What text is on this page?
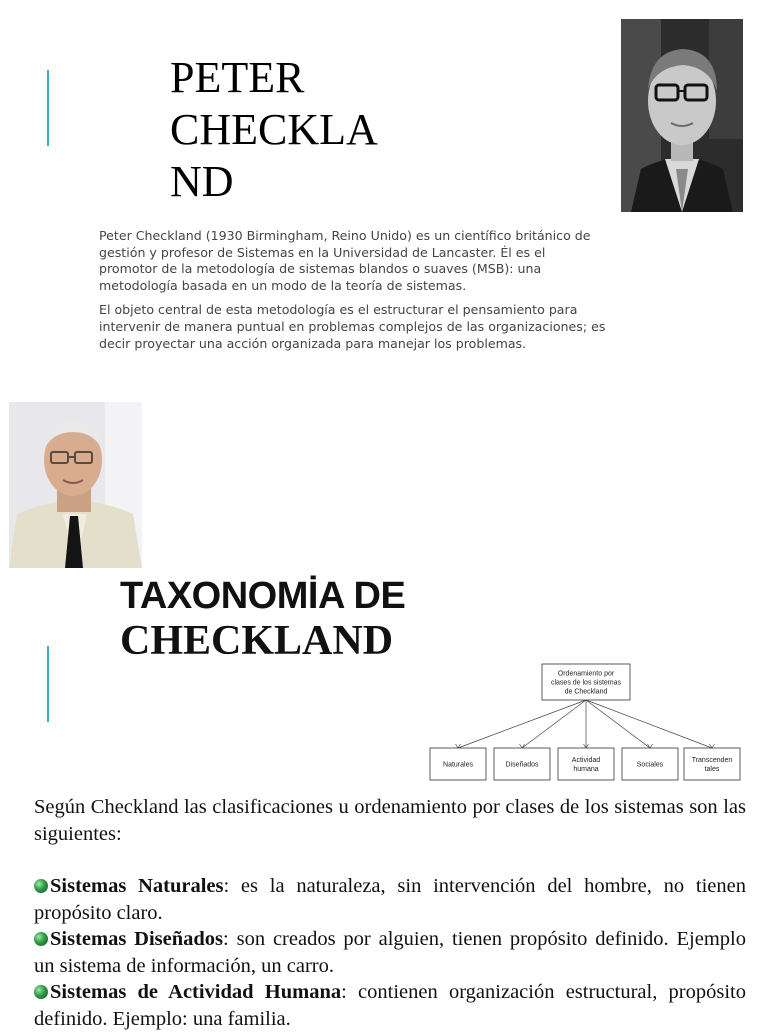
PETER
CHECKLA
ND
Peter Checkland (1930 Birmingham, Reino Unido) es un científico británico de gestión y profesor de Sistemas en la Universidad de Lancaster. Él es el promotor de la metodología de sistemas blandos o suaves (MSB): una metodología basada en un modo de la teoría de sistemas.
El objeto central de esta metodología es el estructurar el pensamiento para intervenir de manera puntual en problemas complejos de las organizaciones; es decir proyectar una acción organizada para manejar los problemas.
TAXONOMİA DE
CHECKLAND
Ordenamiento por
clases de los sistemas
de Checkland
Naturales	Diseñados
Actividad
humana
Sociales
Transcenden
tales

Según Checkland las clasificaciones u ordenamiento por clases de los sistemas son las siguientes:

Sistemas Naturales: es la naturaleza, sin intervención del hombre, no tienen propósito claro.

Sistemas Diseñados: son creados por alguien, tienen propósito definido. Ejemplo un sistema de información, un carro.

Sistemas de Actividad Humana: contienen organización estructural, propósito definido. Ejemplo: una familia.
